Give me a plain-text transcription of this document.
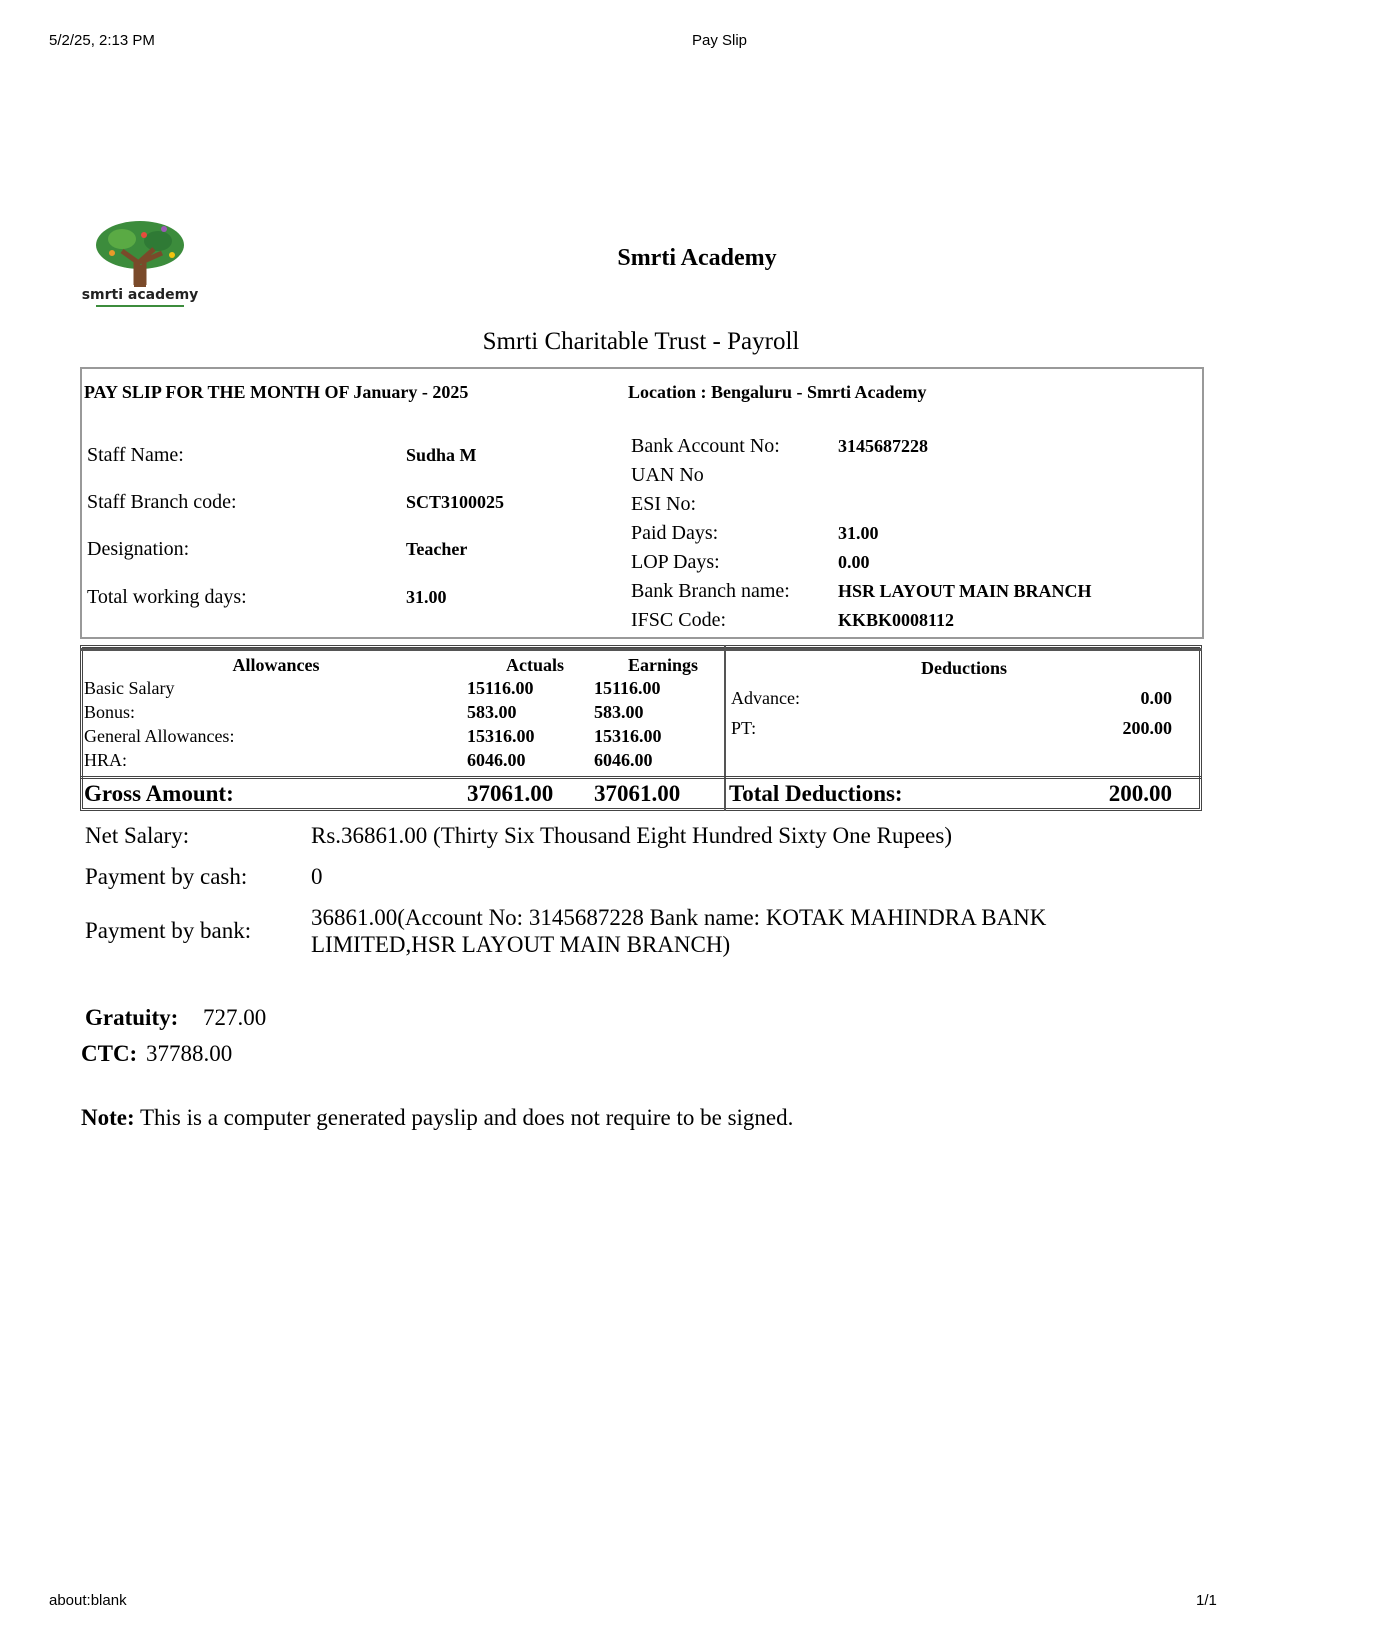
5/2/25, 2:13 PM	Pay Slip
smrti academy
Smrti Academy
Smrti Charitable Trust - Payroll
PAY SLIP FOR THE MONTH OF January - 2025	Location : Bengaluru - Smrti Academy
Staff Name:	Sudha M
Staff Branch code:	SCT3100025
Designation:	Teacher
Total working days:	31.00
Bank Account No:	3145687228
UAN No
ESI No:
Paid Days:	31.00
LOP Days:	0.00
Bank Branch name:	HSR LAYOUT MAIN BRANCH
IFSC Code:	KKBK0008112
Allowances	Actuals	Earnings
Basic Salary	15116.00	15116.00
Bonus:	583.00	583.00
General Allowances:	15316.00	15316.00
HRA:	6046.00	6046.00
Gross Amount:	37061.00 37061.00
Deductions
Advance:	0.00
PT:	200.00
Total Deductions:	200.00
Net Salary:	Rs.36861.00 (Thirty Six Thousand Eight Hundred Sixty One Rupees)
Payment by cash:	0
Payment by bank:
36861.00(Account No: 3145687228 Bank name: KOTAK MAHINDRA BANK
LIMITED,HSR LAYOUT MAIN BRANCH)
Gratuity: 727.00
CTC: 37788.00
Note: This is a computer generated payslip and does not require to be signed.
about:blank	1/1
